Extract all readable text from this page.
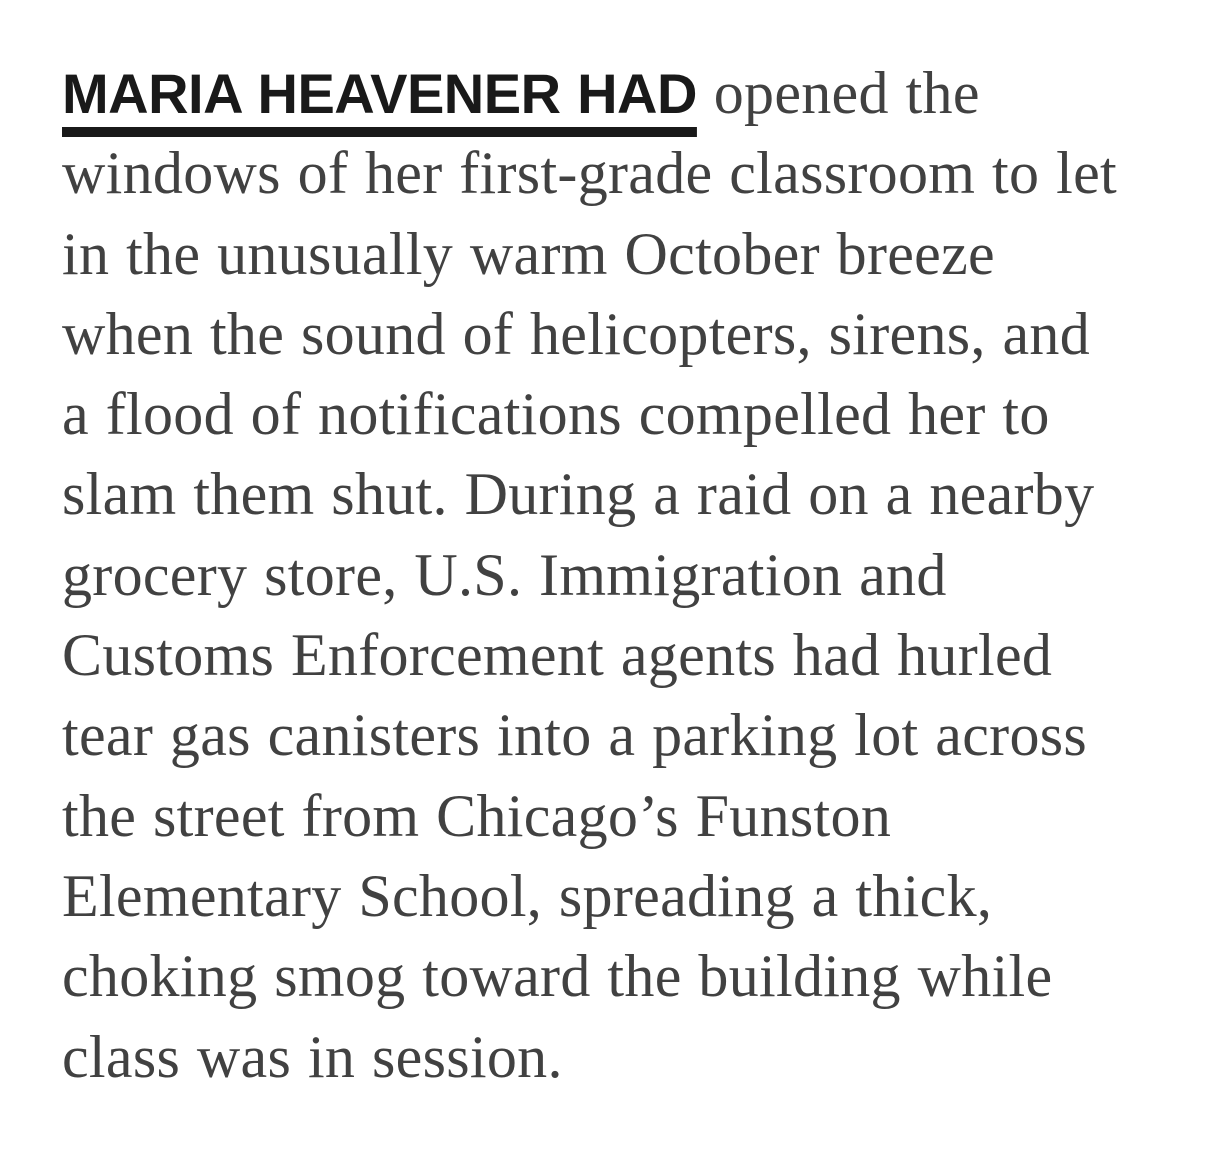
MARIA HEAVENER HAD opened the
windows of her first-grade classroom to let
in the unusually warm October breeze
when the sound of helicopters, sirens, and
a flood of notifications compelled her to
slam them shut. During a raid on a nearby
grocery store, U.S. Immigration and
Customs Enforcement agents had hurled
tear gas canisters into a parking lot across
the street from Chicago’s Funston
Elementary School, spreading a thick,
choking smog toward the building while
class was in session.
